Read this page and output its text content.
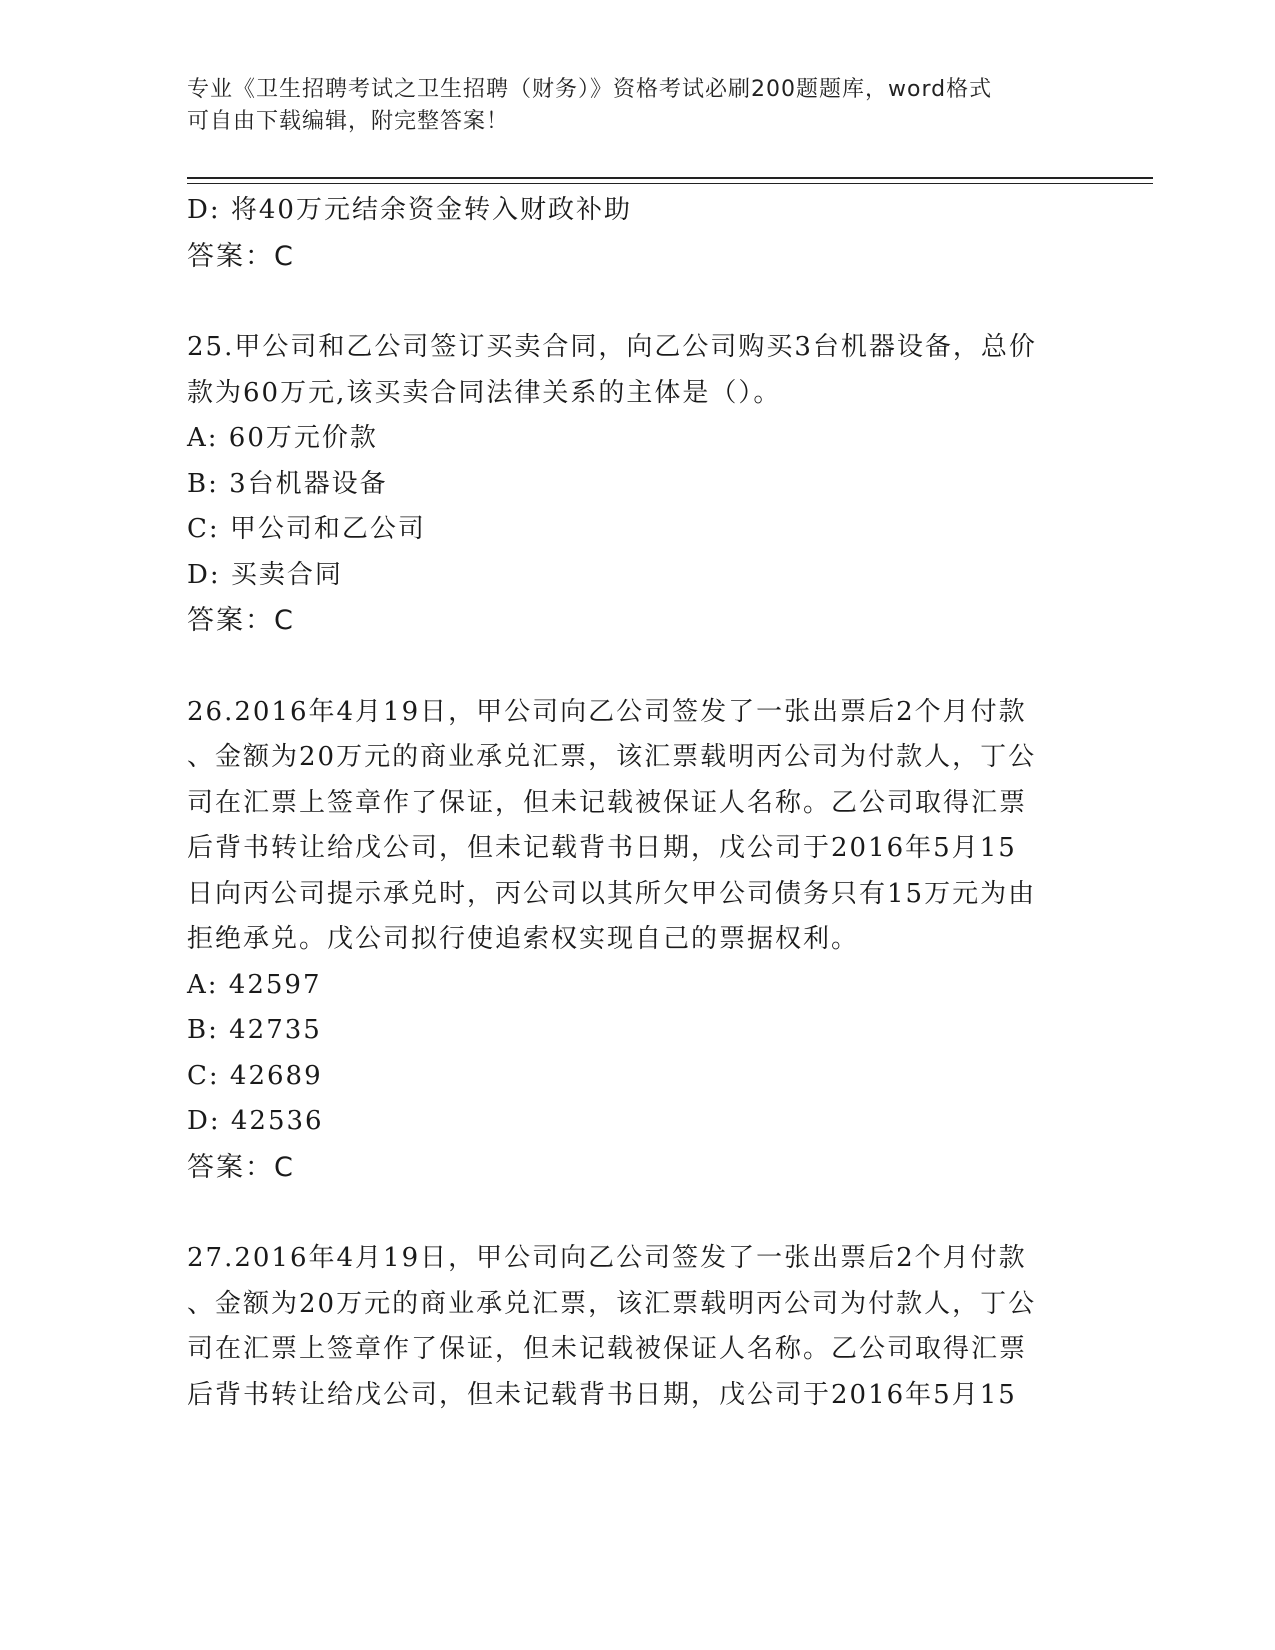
专业《卫生招聘考试之卫生招聘（财务）》资格考试必刷200题题库，word格式
可自由下载编辑，附完整答案！
D: 将40万元结余资金转入财政补助
答案：C
25.甲公司和乙公司签订买卖合同，向乙公司购买3台机器设备，总价
款为60万元,该买卖合同法律关系的主体是（）。
A: 60万元价款
B: 3台机器设备
C: 甲公司和乙公司
D: 买卖合同
答案：C
26.2016年4月19日，甲公司向乙公司签发了一张出票后2个月付款
、金额为20万元的商业承兑汇票，该汇票载明丙公司为付款人，丁公
司在汇票上签章作了保证，但未记载被保证人名称。乙公司取得汇票
后背书转让给戊公司，但未记载背书日期，戊公司于2016年5月15
日向丙公司提示承兑时，丙公司以其所欠甲公司债务只有15万元为由
拒绝承兑。戊公司拟行使追索权实现自己的票据权利。
A: 42597
B: 42735
C: 42689
D: 42536
答案：C
27.2016年4月19日，甲公司向乙公司签发了一张出票后2个月付款
、金额为20万元的商业承兑汇票，该汇票载明丙公司为付款人，丁公
司在汇票上签章作了保证，但未记载被保证人名称。乙公司取得汇票
后背书转让给戊公司，但未记载背书日期，戊公司于2016年5月15
